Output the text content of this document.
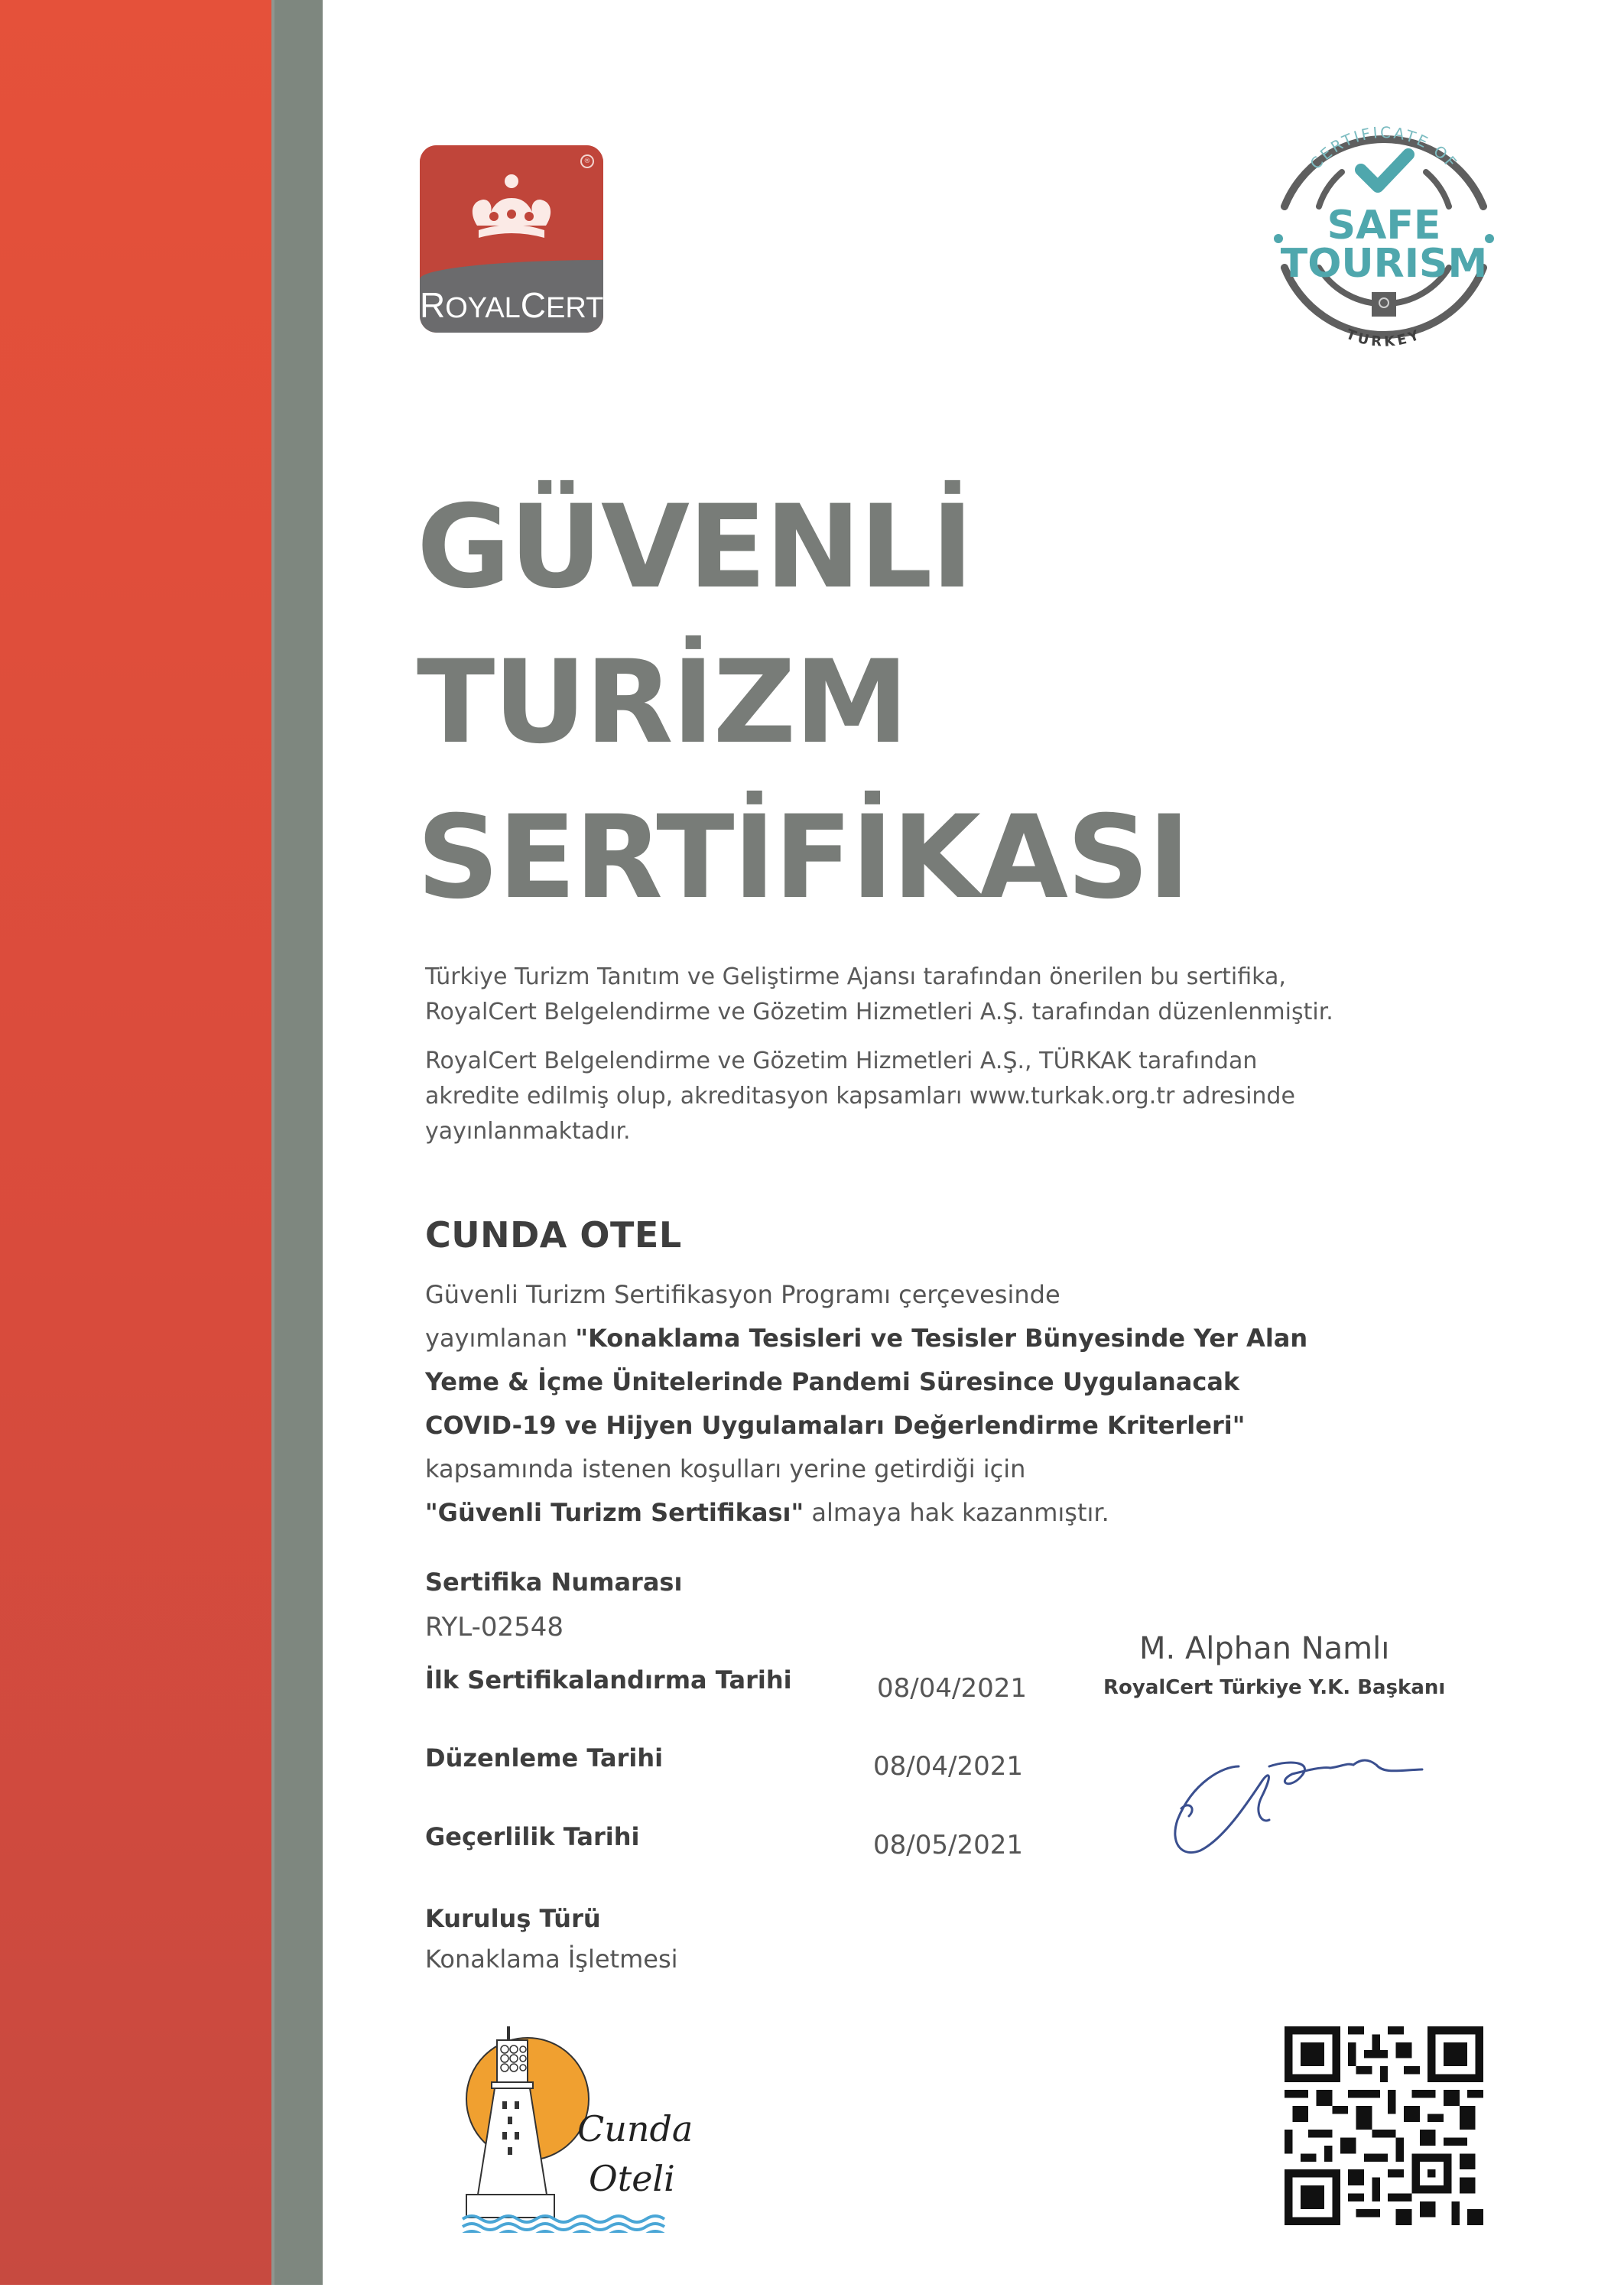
®
ROYALCERT
CERTIFICATE OF
TURKEY
SAFE
TOURISM
GÜVENLİ
TURİZM
SERTİFİKASI

Türkiye Turizm Tanıtım ve Geliştirme Ajansı tarafından önerilen bu sertifika,
RoyalCert Belgelendirme ve Gözetim Hizmetleri A.Ş. tarafından düzenlenmiştir.

RoyalCert Belgelendirme ve Gözetim Hizmetleri A.Ş., TÜRKAK tarafından
akredite edilmiş olup, akreditasyon kapsamları www.turkak.org.tr adresinde
yayınlanmaktadır.

CUNDA OTEL
Güvenli Turizm Sertifikasyon Programı çerçevesinde
yayımlanan "Konaklama Tesisleri ve Tesisler Bünyesinde Yer Alan
Yeme & İçme Ünitelerinde Pandemi Süresince Uygulanacak
COVID-19 ve Hijyen Uygulamaları Değerlendirme Kriterleri"
kapsamında istenen koşulları yerine getirdiği için
"Güvenli Turizm Sertifikası" almaya hak kazanmıştır.
Sertifika Numarası
RYL-02548
İlk Sertifikalandırma Tarihi	08/04/2021
Düzenleme Tarihi	08/04/2021
Geçerlilik Tarihi	08/05/2021
Kuruluş Türü
Konaklama İşletmesi
M. Alphan Namlı
RoyalCert Türkiye Y.K. Başkanı
Cunda
Oteli
